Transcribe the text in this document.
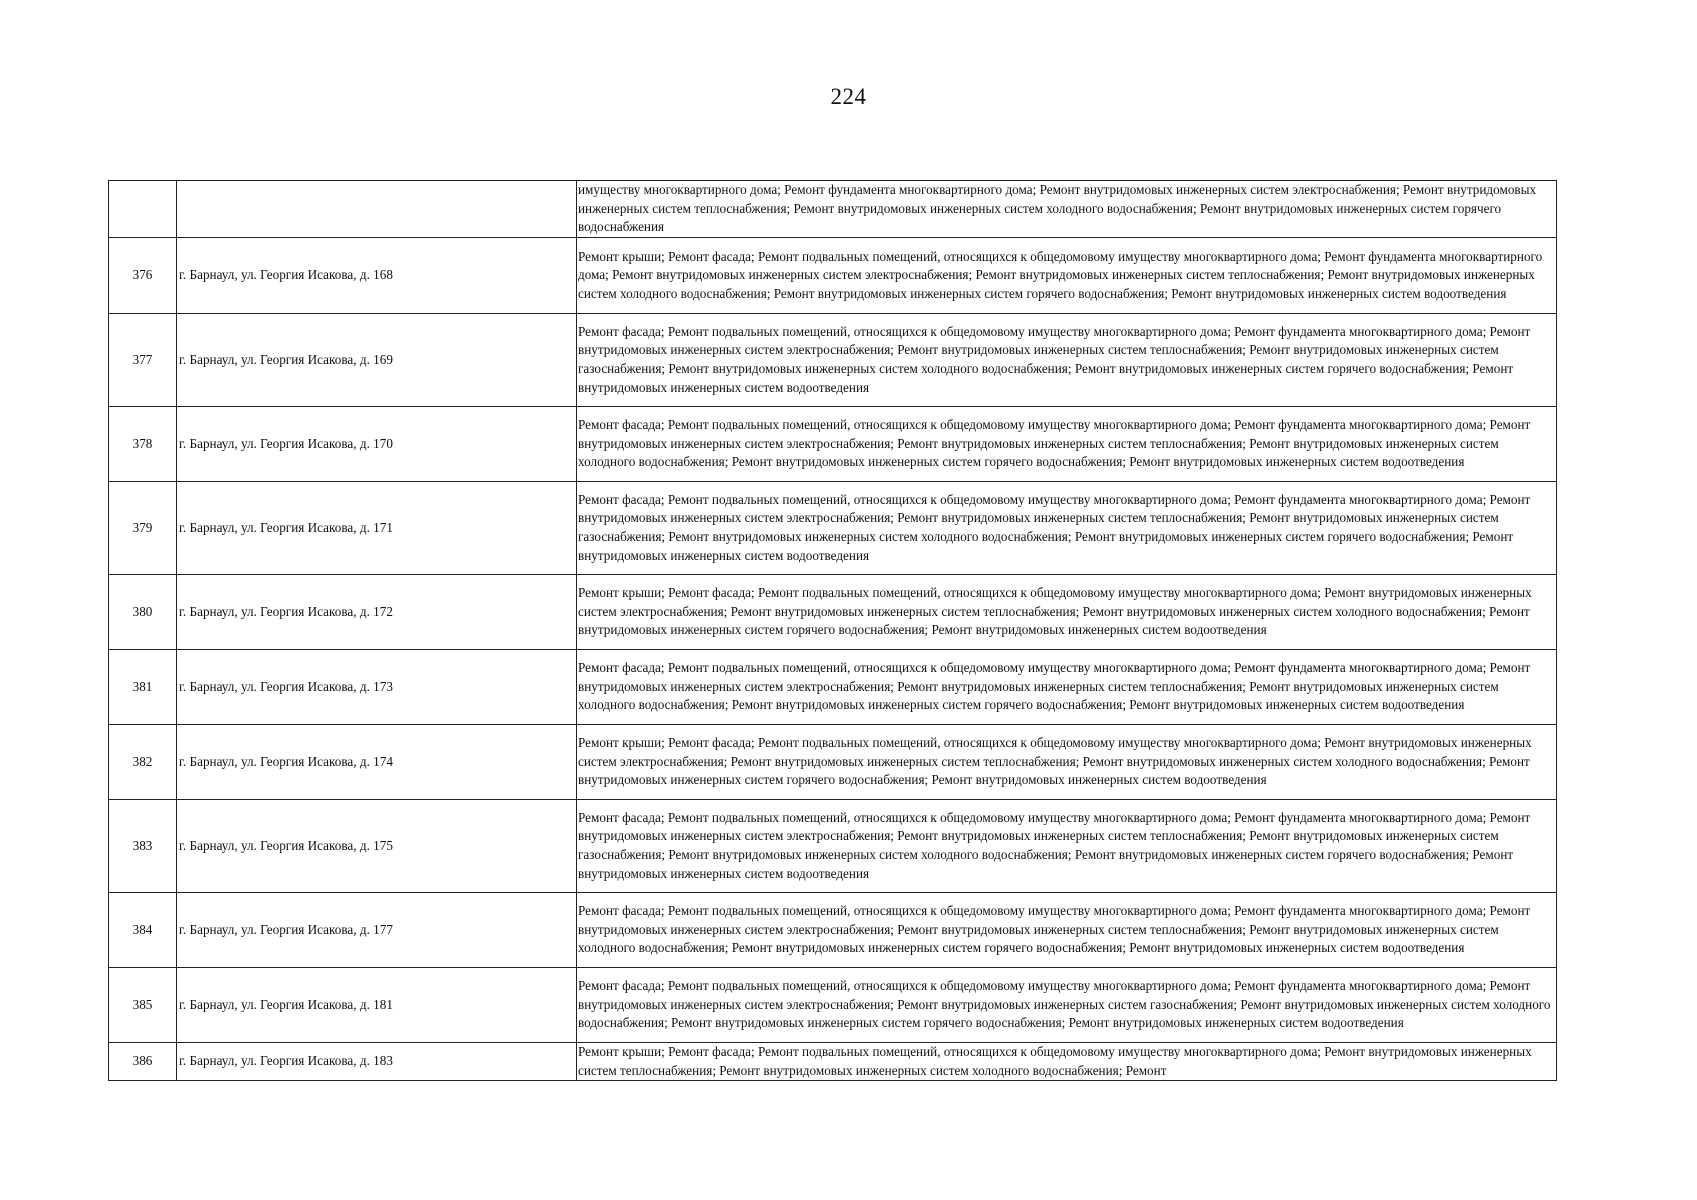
224
		имуществу многоквартирного дома; Ремонт фундамента многоквартирного дома; Ремонт внутридомовых инженерных систем электроснабжения; Ремонт внутридомовых инженерных систем теплоснабжения; Ремонт внутридомовых инженерных систем холодного водоснабжения; Ремонт внутридомовых инженерных систем горячего водоснабжения
376	г. Барнаул, ул. Георгия Исакова, д. 168	Ремонт крыши; Ремонт фасада; Ремонт подвальных помещений, относящихся к общедомовому имуществу многоквартирного дома; Ремонт фундамента многоквартирного дома; Ремонт внутридомовых инженерных систем электроснабжения; Ремонт внутридомовых инженерных систем теплоснабжения; Ремонт внутридомовых инженерных систем холодного водоснабжения; Ремонт внутридомовых инженерных систем горячего водоснабжения; Ремонт внутридомовых инженерных систем водоотведения
377	г. Барнаул, ул. Георгия Исакова, д. 169	Ремонт фасада; Ремонт подвальных помещений, относящихся к общедомовому имуществу многоквартирного дома; Ремонт фундамента многоквартирного дома; Ремонт внутридомовых инженерных систем электроснабжения; Ремонт внутридомовых инженерных систем теплоснабжения; Ремонт внутридомовых инженерных систем газоснабжения; Ремонт внутридомовых инженерных систем холодного водоснабжения; Ремонт внутридомовых инженерных систем горячего водоснабжения; Ремонт внутридомовых инженерных систем водоотведения
378	г. Барнаул, ул. Георгия Исакова, д. 170	Ремонт фасада; Ремонт подвальных помещений, относящихся к общедомовому имуществу многоквартирного дома; Ремонт фундамента многоквартирного дома; Ремонт внутридомовых инженерных систем электроснабжения; Ремонт внутридомовых инженерных систем теплоснабжения; Ремонт внутридомовых инженерных систем холодного водоснабжения; Ремонт внутридомовых инженерных систем горячего водоснабжения; Ремонт внутридомовых инженерных систем водоотведения
379	г. Барнаул, ул. Георгия Исакова, д. 171	Ремонт фасада; Ремонт подвальных помещений, относящихся к общедомовому имуществу многоквартирного дома; Ремонт фундамента многоквартирного дома; Ремонт внутридомовых инженерных систем электроснабжения; Ремонт внутридомовых инженерных систем теплоснабжения; Ремонт внутридомовых инженерных систем газоснабжения; Ремонт внутридомовых инженерных систем холодного водоснабжения; Ремонт внутридомовых инженерных систем горячего водоснабжения; Ремонт внутридомовых инженерных систем водоотведения
380	г. Барнаул, ул. Георгия Исакова, д. 172	Ремонт крыши; Ремонт фасада; Ремонт подвальных помещений, относящихся к общедомовому имуществу многоквартирного дома; Ремонт внутридомовых инженерных систем электроснабжения; Ремонт внутридомовых инженерных систем теплоснабжения; Ремонт внутридомовых инженерных систем холодного водоснабжения; Ремонт внутридомовых инженерных систем горячего водоснабжения; Ремонт внутридомовых инженерных систем водоотведения
381	г. Барнаул, ул. Георгия Исакова, д. 173	Ремонт фасада; Ремонт подвальных помещений, относящихся к общедомовому имуществу многоквартирного дома; Ремонт фундамента многоквартирного дома; Ремонт внутридомовых инженерных систем электроснабжения; Ремонт внутридомовых инженерных систем теплоснабжения; Ремонт внутридомовых инженерных систем холодного водоснабжения; Ремонт внутридомовых инженерных систем горячего водоснабжения; Ремонт внутридомовых инженерных систем водоотведения
382	г. Барнаул, ул. Георгия Исакова, д. 174	Ремонт крыши; Ремонт фасада; Ремонт подвальных помещений, относящихся к общедомовому имуществу многоквартирного дома; Ремонт внутридомовых инженерных систем электроснабжения; Ремонт внутридомовых инженерных систем теплоснабжения; Ремонт внутридомовых инженерных систем холодного водоснабжения; Ремонт внутридомовых инженерных систем горячего водоснабжения; Ремонт внутридомовых инженерных систем водоотведения
383	г. Барнаул, ул. Георгия Исакова, д. 175	Ремонт фасада; Ремонт подвальных помещений, относящихся к общедомовому имуществу многоквартирного дома; Ремонт фундамента многоквартирного дома; Ремонт внутридомовых инженерных систем электроснабжения; Ремонт внутридомовых инженерных систем теплоснабжения; Ремонт внутридомовых инженерных систем газоснабжения; Ремонт внутридомовых инженерных систем холодного водоснабжения; Ремонт внутридомовых инженерных систем горячего водоснабжения; Ремонт внутридомовых инженерных систем водоотведения
384	г. Барнаул, ул. Георгия Исакова, д. 177	Ремонт фасада; Ремонт подвальных помещений, относящихся к общедомовому имуществу многоквартирного дома; Ремонт фундамента многоквартирного дома; Ремонт внутридомовых инженерных систем электроснабжения; Ремонт внутридомовых инженерных систем теплоснабжения; Ремонт внутридомовых инженерных систем холодного водоснабжения; Ремонт внутридомовых инженерных систем горячего водоснабжения; Ремонт внутридомовых инженерных систем водоотведения
385	г. Барнаул, ул. Георгия Исакова, д. 181	Ремонт фасада; Ремонт подвальных помещений, относящихся к общедомовому имуществу многоквартирного дома; Ремонт фундамента многоквартирного дома; Ремонт внутридомовых инженерных систем электроснабжения; Ремонт внутридомовых инженерных систем газоснабжения; Ремонт внутридомовых инженерных систем холодного водоснабжения; Ремонт внутридомовых инженерных систем горячего водоснабжения; Ремонт внутридомовых инженерных систем водоотведения
386	г. Барнаул, ул. Георгия Исакова, д. 183	Ремонт крыши; Ремонт фасада; Ремонт подвальных помещений, относящихся к общедомовому имуществу многоквартирного дома; Ремонт внутридомовых инженерных систем теплоснабжения; Ремонт внутридомовых инженерных систем холодного водоснабжения; Ремонт
